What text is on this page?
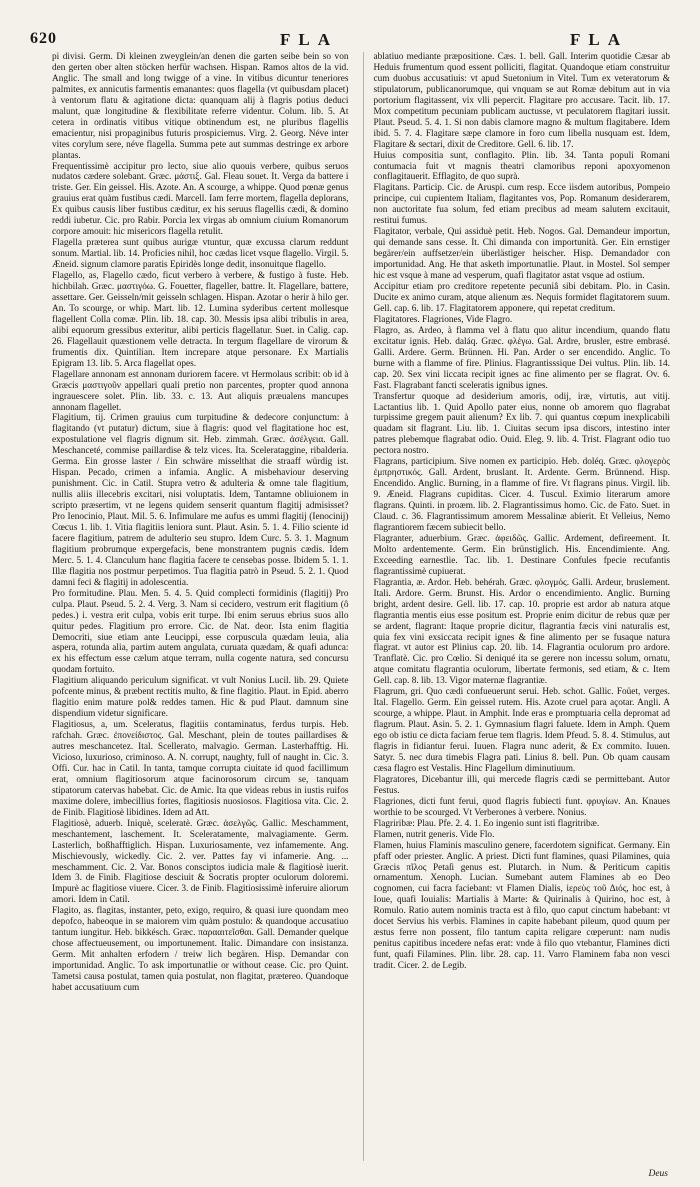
620	FLA	FLA

pi divisi. Germ. Di kleinen zweyglein/an denen die garten seibe bein so von den gerten ober alten stöcken herfür wachsen. Hispan. Ramos altos de la vid. Anglic. The small and long twigge of a vine. In vitibus dicuntur teneriores palmites, ex annicutis farmentis emanantes: quos flagella (vt quibusdam placet) à ventorum flatu & agitatione dicta: quanquam alij à flagris potius deduci malunt, quæ longitudine & flexibilitate referre videntur. Colum. lib. 5. At cetera in ordinatis vitibus vitique obtinendum est, ne pluribus flagellis emacientur, nisi propaginibus futuris prospiciemus. Virg. 2. Georg. Néve inter vites corylum sere, néve flagella. Summa pete aut summas destringe ex arbore plantas.

Frequentissimè accipitur pro lecto, siue alio quouis verbere, quibus seruos nudatos cædere solebant. Græc. μάστιξ. Gal. Fleau souet. It. Verga da battere i triste. Ger. Ein geissel. His. Azote. An. A scourge, a whippe. Quod pœnæ genus grauius erat quàm fustibus cædi. Marcell. Iam ferre mortem, flagella deplorans, Ex quibus causis liber fustibus cæditur, ex his seruus flagellis cædi, & domino reddi iubetur. Cic. pro Rabir. Porcia lex virgas ab omnium ciuium Romanorum corpore amouit: hic misericors flagella retulit.

Flagella præterea sunt quibus aurigæ vtuntur, quæ excussa clarum reddunt sonum. Martial. lib. 14. Proficies nihil, hoc cædas licet vsque flagello. Virgil. 5. Æneid. signum clamore paratis Epiridès longe dedit, insonuitque flagello.

Flagello, as, Flagello cædo, ficut verbero à verbere, & fustigo à fuste. Heb. hichbilah. Græc. μαστιγόω. G. Fouetter, flageller, battre. It. Flagellare, battere, assettare. Ger. Geisseln/mit geisseln schlagen. Hispan. Azotar o herir à hilo ger. An. To scourge, or whip. Mart. lib. 12. Lumina syderibus certent mollesque flagellent Colla comæ. Plin. lib. 18. cap. 30. Messis ipsa alibi tribulis in area, alibi equorum gressibus exteritur, alibi perticis flagellatur. Suet. in Calig. cap. 26. Flagellauit quæstionem velle detracta. In tergum flagellare de virorum & frumentis dix. Quintilian. Item increpare atque personare. Ex Martialis Epigram 13. lib. 5. Arca flagellat opes.

Flagellare annonam est annonam duriorem facere. vt Hermolaus scribit: ob id à Græcis μαστιγοῦν appellari quali pretio non parcentes, propter quod annona ingrauescere solet. Plin. lib. 33. c. 13. Aut aliquis præualens mancupes annonam flagellet.

Flagitium, tij. Crimen grauius cum turpitudine & dedecore conjunctum: à flagitando (vt putatur) dictum, siue à flagris: quod vel flagitatione hoc est, expostulatione vel flagris dignum sit. Heb. zimmah. Græc. ἀσέλγεια. Gall. Meschanceté, commise paillardise & telz vices. Ita. Scelerataggine, ribalderia. Germa. Ein grosse laster / Ein schwäre misselthat die straaff würdig ist. Hispan. Pecado, crimen a infamia. Anglic. A misbehaviour deserving punishment. Cic. in Catil. Stupra vetro & adulteria & omne tale flagitium, nullis aliis illecebris excitari, nisi voluptatis. Idem, Tantamne obliuionem in scripto præsertim, vt ne legens quidem senserit quantum flagitij admisisset? Pro Ienocinio, Plaut. Mil. 5. 6. Infimulare me aufus es ummi flagitij (Ienocinij) Cœcus 1. lib. 1. Vitia flagitiis leniora sunt. Plaut. Asin. 5. 1. 4. Filio sciente id facere flagitium, patrem de adulterio seu stupro. Idem Curc. 5. 3. 1. Magnum flagitium probrumque expergefacis, bene monstrantem pugnis cædis. Idem Merc. 5. 1. 4. Clanculum hanc flagitia facere te censebas posse. Ibidem 5. 1. 1. Illæ flagitia nos postmur perpetimos. Tua flagitia patrò in Pseud. 5. 2. 1. Quod damni feci & flagitij in adolescentia.

Pro formitudine. Plau. Men. 5. 4. 5. Quid complecti formidinis (flagitij) Pro culpa. Plaut. Pseud. 5. 2. 4. Verg. 3. Nam si cecidero, vestrum erit flagitium (ô pedes.) i. vestra erit culpa, vobis erit turpe. Ibi enim seruus ebrius suos allo quitur pedes. Flagitium pro errore. Cic. de Nat. deor. Ista enim flagitia Democriti, siue etiam ante Leucippi, esse corpuscula quædam leuia, alia aspera, rotunda alia, partim autem angulata, curuata quædam, & quafi adunca: ex his effectum esse cælum atque terram, nulla cogente natura, sed concursu quodam fortuito.

Flagitium aliquando periculum significat. vt vult Nonius Lucil. lib. 29. Quiete pofcente minus, & præbent rectitis multo, & fine flagitio. Plaut. in Epid. aberro flagitio enim mature pol& reddes tamen. Hic & pud Plaut. damnum sine dispendium videtur significare.

Flagitiosus, a, um. Sceleratus, flagitiis contaminatus, ferdus turpis. Heb. rafchah. Græc. ἐπονείδιστος. Gal. Meschant, plein de toutes paillardises & autres meschancetez. Ital. Scellerato, malvagio. German. Lasterhafftig. Hi. Vicioso, luxurioso, criminoso. A. N. corrupt, naughty, full of naught in. Cic. 3. Offi. Cur. hac in Catil. In tanta, tamque corrupta ciuitate id quod facillimum erat, omnium flagitiosorum atque facinorosorum circum se, tanquam stipatorum catervas habebat. Cic. de Amic. Ita que videas rebus in iustis ruifos maxime dolere, imbecillius fortes, flagitiosis nuosiosos. Flagitiosa vita. Cic. 2. de Finib. Flagitiosè libidines. Idem ad Att.

Flagitiosè, aduerb. Iniquè, sceleratè. Græc. ἀσελγῶς. Gallic. Meschamment, meschantement, laschement. It. Sceleratamente, malvagiamente. Germ. Lasterlich, boßhafftiglich. Hispan. Luxuriosamente, vez infamemente. Ang. Mischievously, wickedly. Cic. 2. ver. Pattes fay vi infamerie. Ang. ... meschamment. Cic. 2. Var. Bonos consciptos iudicia male & flagitiosè iuerit. Idem 3. de Finib. Flagitiose desciuit & Socratis propter oculorum doloremi. Impurè ac flagitiose viuere. Cicer. 3. de Finib. Flagitiosissimè inferuire aliorum amori. Idem in Catil.

Flagito, as. flagitas, instanter, peto, exigo, requiro, & quasi iure quondam meo depofco, habeoque in se maiorem vim quàm postulo: & quandoque accusatiuo tantum iungitur. Heb. bikkésch. Græc. παρααιτεῖσθαι. Gall. Demander quelque chose affectueusement, ou importunement. Italic. Dimandare con insistanza. Germ. Mit anhalten erfodern / treiw lich begären. Hisp. Demandar con importunidad. Anglic. To ask importunatlie or without cease. Cic. pro Quint. Tametsi causa postulat, tamen quia postulat, non flagitat, prætereo. Quandoque habet accusatiuum cum

ablatiuo mediante præpositione. Cæs. 1. bell. Gall. Interim quotidie Cæsar ab Heduis frumentum quod essent polliciti, flagitat. Quandoque etiam construitur cum duobus accusatiuis: vt apud Suetonium in Vitel. Tum ex veteratorum & stipulatorum, publicanorumque, qui vnquam se aut Romæ debitum aut in via portorium flagitassent, vix vlli pepercit. Flagitare pro accusare. Tacit. lib. 17. Mox competitum pecuniam publicam auctusse, vt peculatorem flagitari iussit. Plaut. Pseud. 5. 4. 1. Si non dabis clamore magno & multum flagitabere. Idem ibid. 5. 7. 4. Flagitare sæpe clamore in foro cum libella nusquam est. Idem, Flagitare & sectari, dixit de Creditore. Gell. 6. lib. 17.

Huius compositia sunt, conflagito. Plin. lib. 34. Tanta populi Romani contumacia fuit vt magnis theatri clamoribus reponi apoxyomenon conflagitauerit. Efflagito, de quo suprà.

Flagitans. Particip. Cic. de Aruspi. cum resp. Ecce iisdem autoribus, Pompeio principe, cui cupientem Italiam, flagitantes vos, Pop. Romanum desiderarem, non auctoritate fua solum, fed etiam precibus ad meam salutem excitauit, restitui fumus.

Flagitator, verbale, Qui assiduè petit. Heb. Nogos. Gal. Demandeur importun, qui demande sans cesse. It. Chi dimanda con importunità. Ger. Ein ernstiger begärer/ein auffsetzer/ein überlästiger heischer. Hisp. Demandador con importunidad. Ang. He that asketh importunatlie. Plaut. in Mostel. Sol semper hic est vsque à mane ad vesperum, quafi flagitator astat vsque ad ostium.

Accipitur etiam pro creditore repetente pecuniâ sibi debitam. Plo. in Casin. Ducite ex animo curam, atque alienum æs. Nequis formidet flagitatorem suum. Gell. cap. 6. lib. 17. Flagitatorem apponere, qui repetat creditum.

Flagitatores. Flagriones, Vide Flagro.

Flagro, as. Ardeo, à flamma vel à flatu quo alitur incendium, quando flatu excitatur ignis. Heb. daláq. Græc. φλέγω. Gal. Ardre, brusler, estre embrasé. Galli. Ardere. Germ. Brünnen. Hi. Pan. Arder o ser encendido. Anglic. To burne with a flamme of fire. Plinius. Flagrantisssique Dei vultus. Plin. lib. 14. cap. 20. Sex vini liccata recipit ignes ac fine alimento per se flagrat. Ov. 6. Fast. Flagrabant fancti sceleratis ignibus ignes.

Transfertur quoque ad desiderium amoris, odij, iræ, virtutis, aut vitij. Lactantius lib. 1. Quid Apollo pater eius, nonne ob amorem quo flagrabat turpissime gregem pauit alienum? Ex lib. 7. qui quantus cœpum inexplicabili quadam sit flagrant. Liu. lib. 1. Ciuitas secum ipsa discors, intestino inter patres plebemque flagrabat odio. Ouid. Eleg. 9. lib. 4. Trist. Flagrant odio tuo pectora nostro.

Flagrans, participium. Sive nomen ex participio. Heb. doléq. Græc. φλογερὸς ἐμπρηστικός. Gall. Ardent, bruslant. It. Ardente. Germ. Brünnend. Hisp. Encendido. Anglic. Burning, in a flamme of fire. Vt flagrans pinus. Virgil. lib. 9. Æneid. Flagrans cupiditas. Cicer. 4. Tuscul. Eximio literarum amore flagrans. Quinti. in proæm. lib. 2. Flagrantissimus homo. Cic. de Fato. Suet. in Claud. c. 36. Flagrantissimum amorem Messalinæ abierit. Et Velleius, Nemo flagrantiorem fæcem subiecit bello.

Flagranter, aduerbium. Græc. ἀφειδῶς. Gallic. Ardement, defireement. It. Molto ardentemente. Germ. Ein brünstiglich. His. Encendimiente. Ang. Exceeding earnestlie. Tac. lib. 1. Destinare Confules fpecie recufantis flagrantissimè cupiuerat.

Flagrantia, æ. Ardor. Heb. behérah. Græc. φλογμός. Galli. Ardeur, bruslement. Itali. Ardore. Germ. Brunst. His. Ardor o encendimiento. Anglic. Burning bright, ardent desire. Gell. lib. 17. cap. 10. proprie est ardor ab natura atque flagrantia mentis eius esse positum est. Proprie enim dicitur de rebus quæ per se ardent, flagrant: Itaque proprie dicitur, flagrantia fæcis vini naturalis est, quia fex vini exsiccata recipit ignes & fine alimento per se fusaque natura flagrat. vt autor est Plinius cap. 20. lib. 14. Flagrantia oculorum pro ardore. Tranflatè. Cic. pro Cœlio. Si deniqué ita se gerere non incessu solum, ornatu, atque comitatu flagrantia oculorum, libertate fermonis, sed etiam, & c. Item Gell. cap. 8. lib. 13. Vigor maternæ flagrantiæ.

Flagrum, gri. Quo cædi confueuerunt serui. Heb. schot. Gallic. Foüet, verges. Ital. Flagello. Germ. Ein geissel rutem. His. Azote cruel para açotar. Angli. A scourge, a whippe. Plaut. in Amphit. Inde eras e promptuaria cella depromat ad flagrum. Plaut. Asin. 5. 2. 1. Gymnasium flagri faluete. Idem in Amph. Quem ego ob istiu ce dicta faciam ferue tem flagris. Idem Pfeud. 5. 8. 4. Stimulus, aut flagris in fidiantur ferui. Iuuen. Flagra nunc aderit, & Ex commito. Iuuen. Satyr. 5. nec dura timebis Flagra pati. Linius 8. bell. Pun. Ob quam causam cæsa flagro est Vestalis. Hinc Flagellum diminutiuum.

Flagratores, Dicebantur illi, qui mercede flagris cædi se permittebant. Autor Festus.

Flagriones, dicti funt ferui, quod flagris fubiecti funt. φρυγίων. An. Knaues worthie to be scourged. Vt Verberones à verbere. Nonius.

Flagriribæ: Plau. Pfe. 2. 4. 1. Eo ingenio sunt isti flagritribæ.

Flamen, nutrit generis. Vide Flo.

Flamen, huius Flaminis masculino genere, facerdotem significat. Germany. Ein pfaff oder priester. Anglic. A priest. Dicti funt flamines, quasi Pilamines, quia Græcis πῖλος Petaſi genus est. Plutarch. in Num. & Periticum capitis ornamentum. Xenoph. Lucian. Sumebant autem Flamines ab eo Deo cognomen, cui facra faciebant: vt Flamen Dialis, ἱερεὺς τοῦ Διός, hoc est, à Ioue, quafi Iouialis: Martialis à Marte: & Quirinalis à Quirino, hoc est, à Romulo. Ratio autem nominis tracta est à filo, quo caput cinctum habebant: vt docet Servius his verbis. Flamines in capite habebant pileum, quod quum per æstus ferre non possent, filo tantum capita religare cœperunt: nam nudis penitus capitibus incedere nefas erat: vnde à filo quo vtebantur, Flamines dicti funt, quafi Filamines. Plin. libr. 28. cap. 11. Varro Flaminem faba non vesci tradit. Cicer. 2. de Legib.

Deus
